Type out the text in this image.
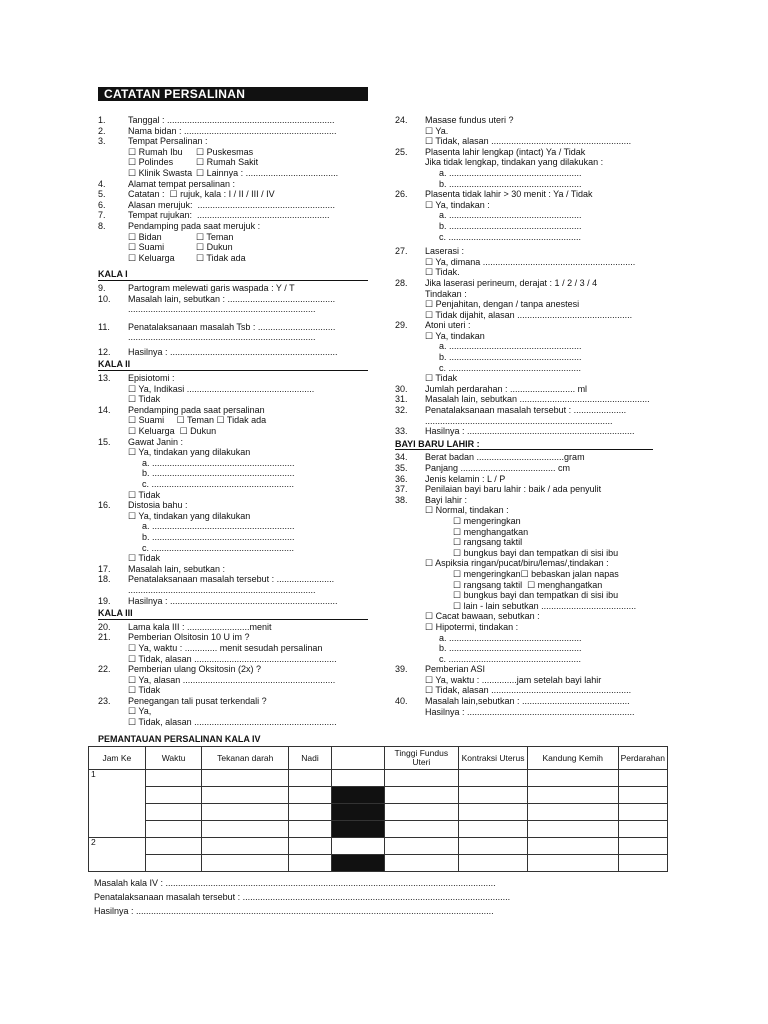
CATATAN PERSALINAN
1.	Tanggal : ...................................................................
2.	Nama bidan : .............................................................
3.	Tempat Persalinan :
☐ Rumah Ibu	☐ Puskesmas
☐ Polindes	☐ Rumah Sakit
☐ Klinik Swasta ☐ Lainnya : .....................................
4.	Alamat tempat persalinan :
5.	Catatan :  ☐ rujuk, kala : I / II / III / IV
6.	Alasan merujuk:  .......................................................
7.	Tempat rujukan:  .....................................................
8.	Pendamping pada saat merujuk :
☐ Bidan	☐ Teman
☐ Suami	☐ Dukun
☐ Keluarga	☐ Tidak ada
KALA I
9.	Partogram melewati garis waspada : Y / T
10.	Masalah lain, sebutkan : ...........................................
...........................................................................
11.	Penatalaksanaan masalah Tsb : ...............................
...........................................................................
12.	Hasilnya : ...................................................................
KALA II
13.	Episiotomi :
☐ Ya, Indikasi ...................................................
☐ Tidak
14.	Pendamping pada saat persalinan
☐ Suami     ☐ Teman ☐ Tidak ada
☐ Keluarga  ☐ Dukun
15.	Gawat Janin :
☐ Ya, tindakan yang dilakukan
a. .........................................................
b. .........................................................
c. .........................................................
☐ Tidak
16.	Distosia bahu :
☐ Ya, tindakan yang dilakukan
a. .........................................................
b. .........................................................
c. .........................................................
☐ Tidak
17.	Masalah lain, sebutkan :
18.	Penatalaksanaan masalah tersebut : .......................
...........................................................................
19.	Hasilnya : ...................................................................
KALA III
20.	Lama kala III : .........................menit
21.	Pemberian Olsitosin 10 U im ?
☐ Ya, waktu : ............. menit sesudah persalinan
☐ Tidak, alasan .........................................................
22.	Pemberian ulang Oksitosin (2x) ?
☐ Ya, alasan .............................................................
☐ Tidak
23.	Penegangan tali pusat terkendali ?
☐ Ya,
☐ Tidak, alasan .........................................................
24.	Masase fundus uteri ?
☐ Ya.
☐ Tidak, alasan ........................................................
25.	Plasenta lahir lengkap (intact) Ya / Tidak
Jika tidak lengkap, tindakan yang dilakukan :
a. .....................................................
b. .....................................................
26.	Plasenta tidak lahir > 30 menit : Ya / Tidak
☐ Ya, tindakan :
a. .....................................................
b. .....................................................
c. .....................................................
27.	Laserasi :
☐ Ya, dimana .............................................................
☐ Tidak.
28.	Jika laserasi perineum, derajat : 1 / 2 / 3 / 4
Tindakan :
☐ Penjahitan, dengan / tanpa anestesi
☐ Tidak dijahit, alasan ..............................................
29.	Atoni uteri :
☐ Ya, tindakan
a. .....................................................
b. .....................................................
c. .....................................................
☐ Tidak
30.	Jumlah perdarahan : .......................... ml
31.	Masalah lain, sebutkan ....................................................
32.	Penatalaksanaan masalah tersebut : .....................
...........................................................................
33.	Hasilnya : ...................................................................
BAYI BARU LAHIR :
34.	Berat badan ...................................gram
35.	Panjang ...................................... cm
36.	Jenis kelamin : L / P
37.	Penilaian bayi baru lahir : baik / ada penyulit
38.	Bayi lahir :
☐ Normal, tindakan :
☐ mengeringkan
☐ menghangatkan
☐ rangsang taktil
☐ bungkus bayi dan tempatkan di sisi ibu
☐ Aspiksia ringan/pucat/biru/lemas/,tindakan :
☐ mengeringkan☐ bebaskan jalan napas
☐ rangsang taktil  ☐ menghangatkan
☐ bungkus bayi dan tempatkan di sisi ibu
☐ lain - lain sebutkan ......................................
☐ Cacat bawaan, sebutkan :
☐ Hipotermi, tindakan :
a. .....................................................
b. .....................................................
c. .....................................................
39.	Pemberian ASI
☐ Ya, waktu : ..............jam setelah bayi lahir
☐ Tidak, alasan ........................................................
40.	Masalah lain,sebutkan : ...........................................
Hasilnya : ...................................................................
PEMANTAUAN PERSALINAN KALA IV
Jam Ke	Waktu	Tekanan darah	Nadi		Tinggi Fundus Uteri	Kontraksi Uterus	Kandung Kemih	Perdarahan
1								

2								

Masalah kala IV : ....................................................................................................................................
Penatalaksanaan masalah tersebut : ...........................................................................................................
Hasilnya : ...............................................................................................................................................
